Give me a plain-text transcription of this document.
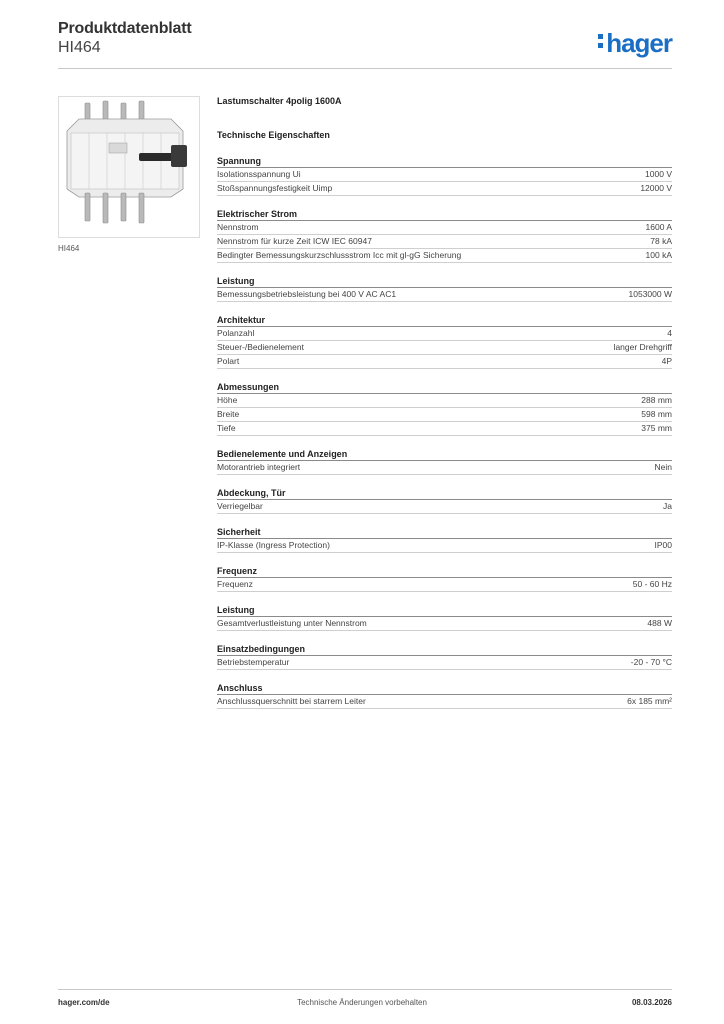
Produktdatenblatt
HI464	hager
HI464
Lastumschalter 4polig 1600A
Technische Eigenschaften
Spannung
Isolationsspannung Ui	1000 V
Stoßspannungsfestigkeit Uimp	12000 V
Elektrischer Strom
Nennstrom	1600 A
Nennstrom für kurze Zeit ICW IEC 60947	78 kA
Bedingter Bemessungskurzschlussstrom Icc mit gl-gG Sicherung	100 kA
Leistung
Bemessungsbetriebsleistung bei 400 V AC AC1	1053000 W
Architektur
Polanzahl	4
Steuer-/Bedienelement	langer Drehgriff
Polart	4P
Abmessungen
Höhe	288 mm
Breite	598 mm
Tiefe	375 mm
Bedienelemente und Anzeigen
Motorantrieb integriert	Nein
Abdeckung, Tür
Verriegelbar	Ja
Sicherheit
IP-Klasse (Ingress Protection)	IP00
Frequenz
Frequenz	50 - 60 Hz
Leistung
Gesamtverlustleistung unter Nennstrom	488 W
Einsatzbedingungen
Betriebstemperatur	-20 - 70 °C
Anschluss
Anschlussquerschnitt bei starrem Leiter	6x 185 mm²
hager.com/de	Technische Änderungen vorbehalten	08.03.2026
